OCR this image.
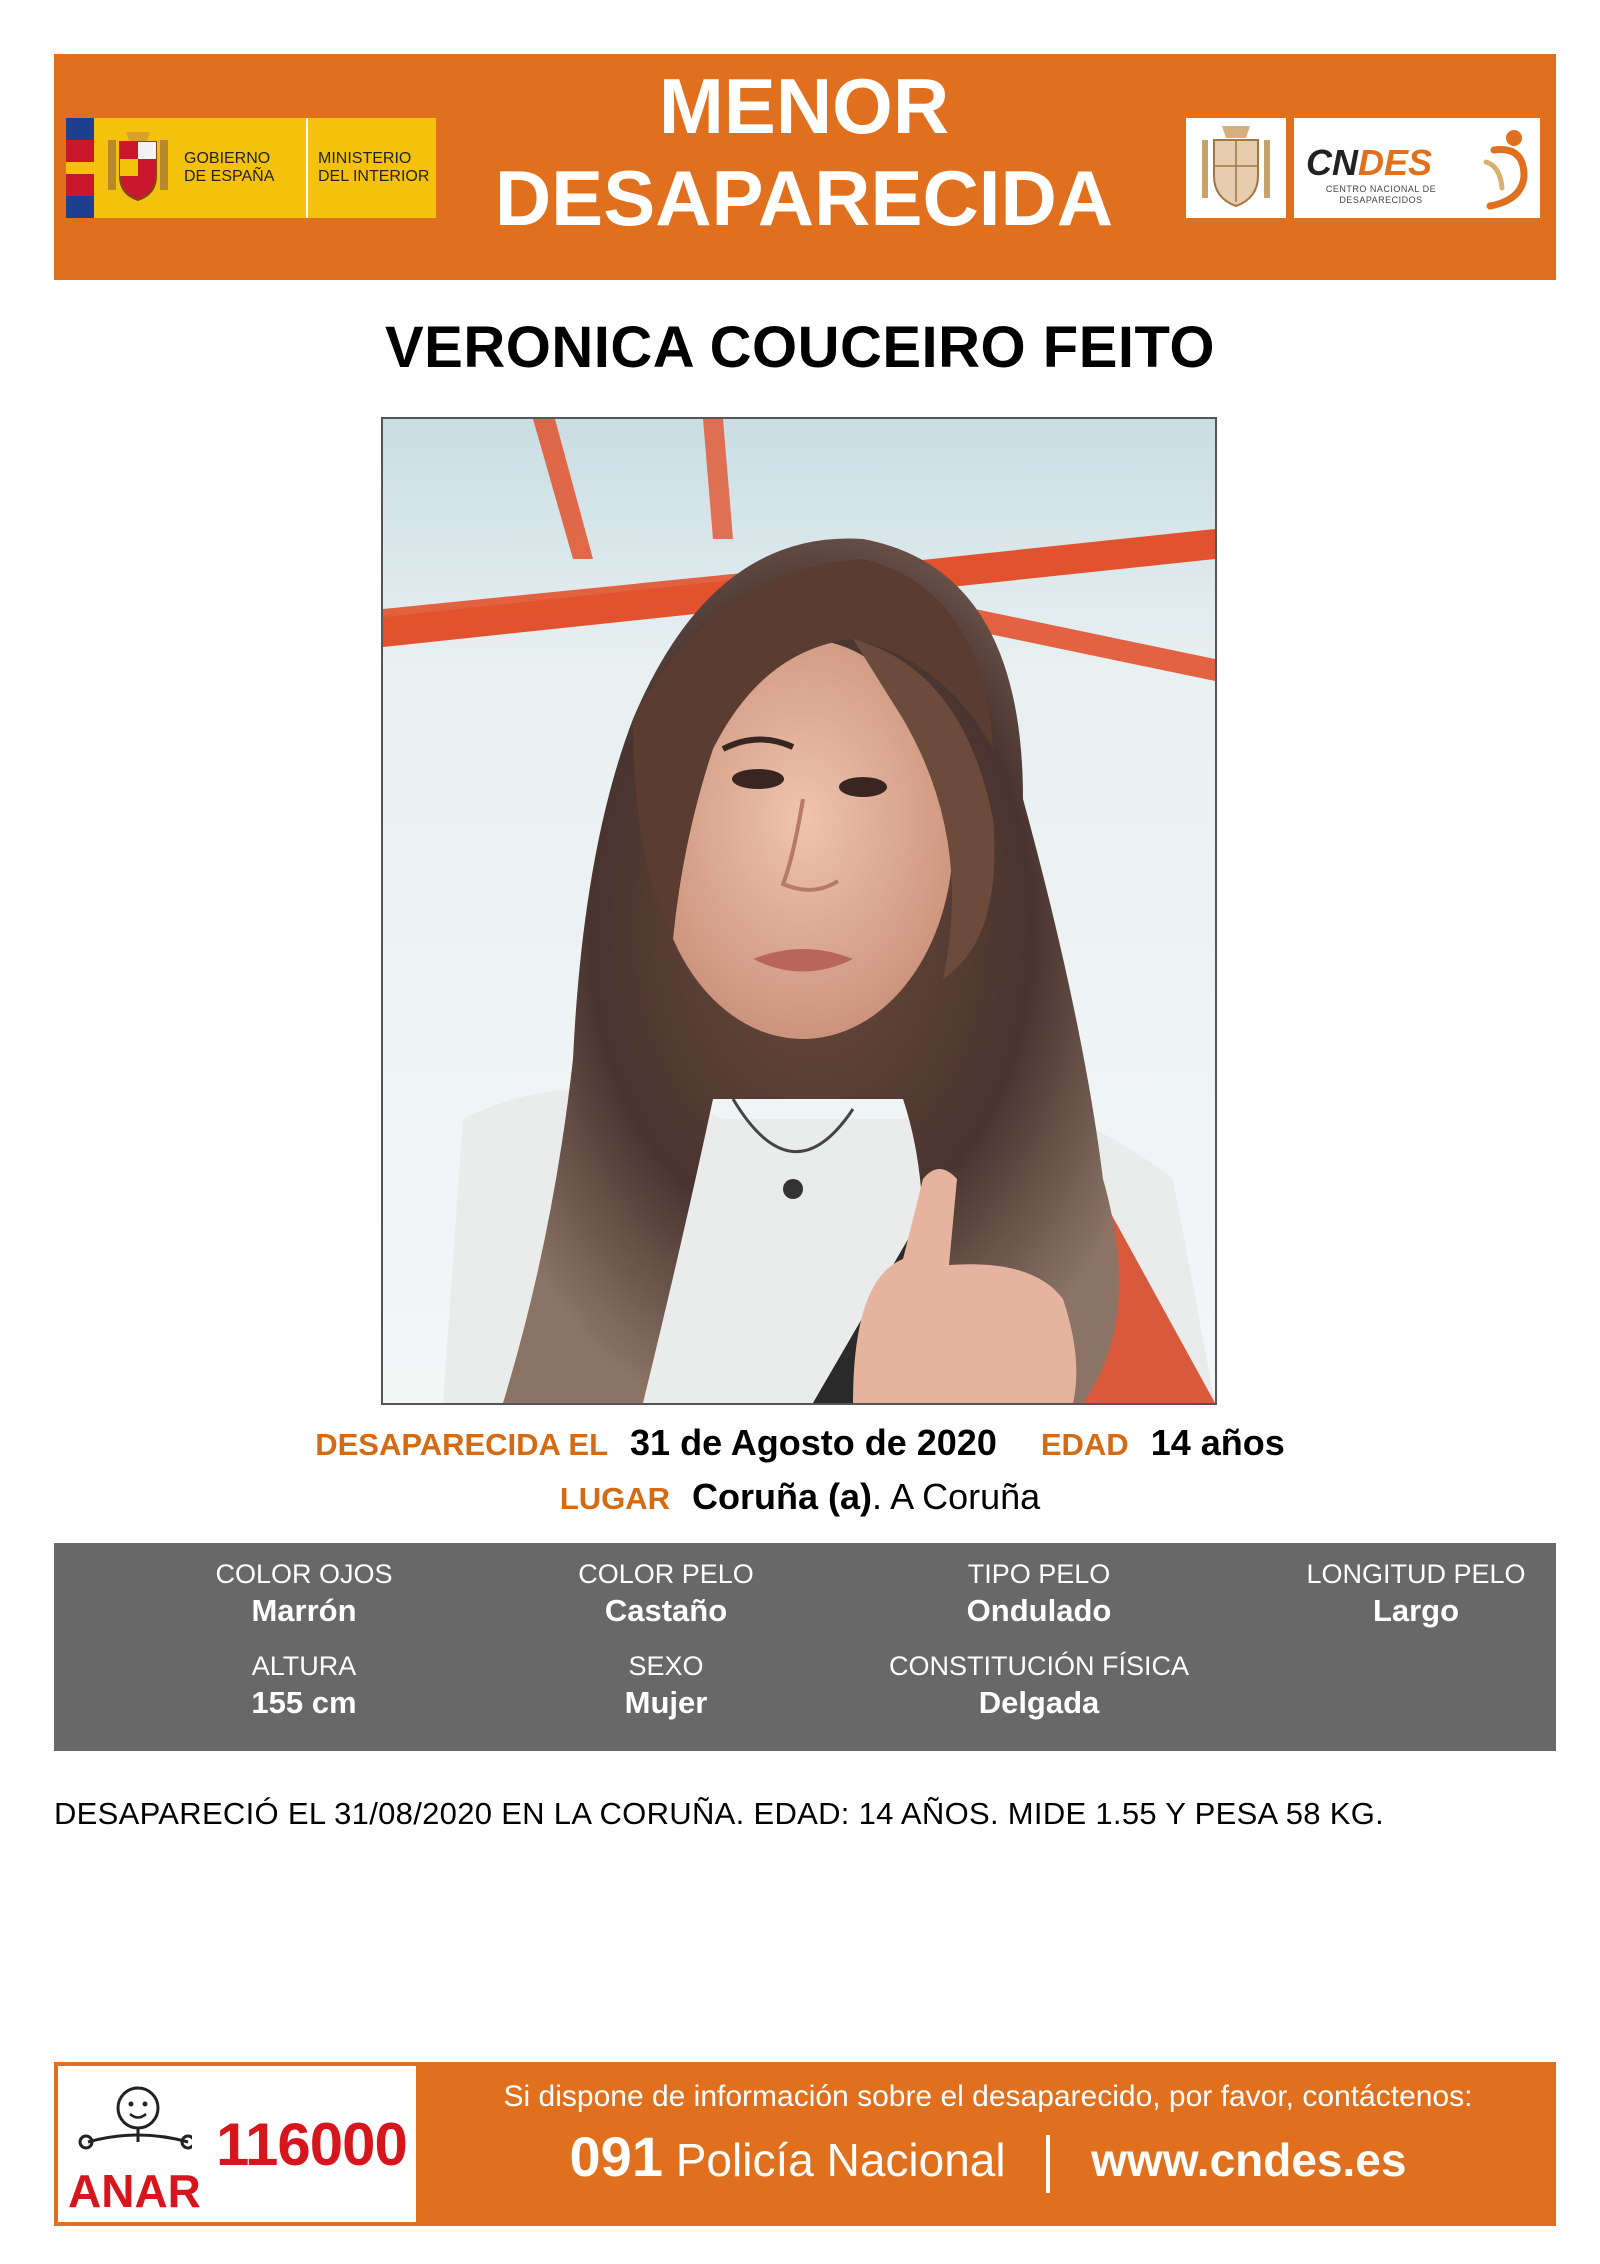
GOBIERNO DE ESPAÑA
MINISTERIO DEL INTERIOR
MENOR
DESAPARECIDA	CNDES
CENTRO NACIONAL DE DESAPARECIDOS
VERONICA COUCEIRO FEITO
DESAPARECIDA EL 31 de Agosto de 2020 EDAD 14 años
LUGAR Coruña (a). A Coruña
COLOR OJOS
Marrón
COLOR PELO
Castaño
TIPO PELO
Ondulado
LONGITUD PELO
Largo
ALTURA
155 cm
SEXO
Mujer
CONSTITUCIÓN FÍSICA
Delgada
DESAPARECIÓ EL 31/08/2020 EN LA CORUÑA. EDAD: 14 AÑOS. MIDE 1.55 Y PESA 58 KG.
ANAR
116000
Si dispone de información sobre el desaparecido, por favor, contáctenos:
091 Policía Nacional www.cndes.es
